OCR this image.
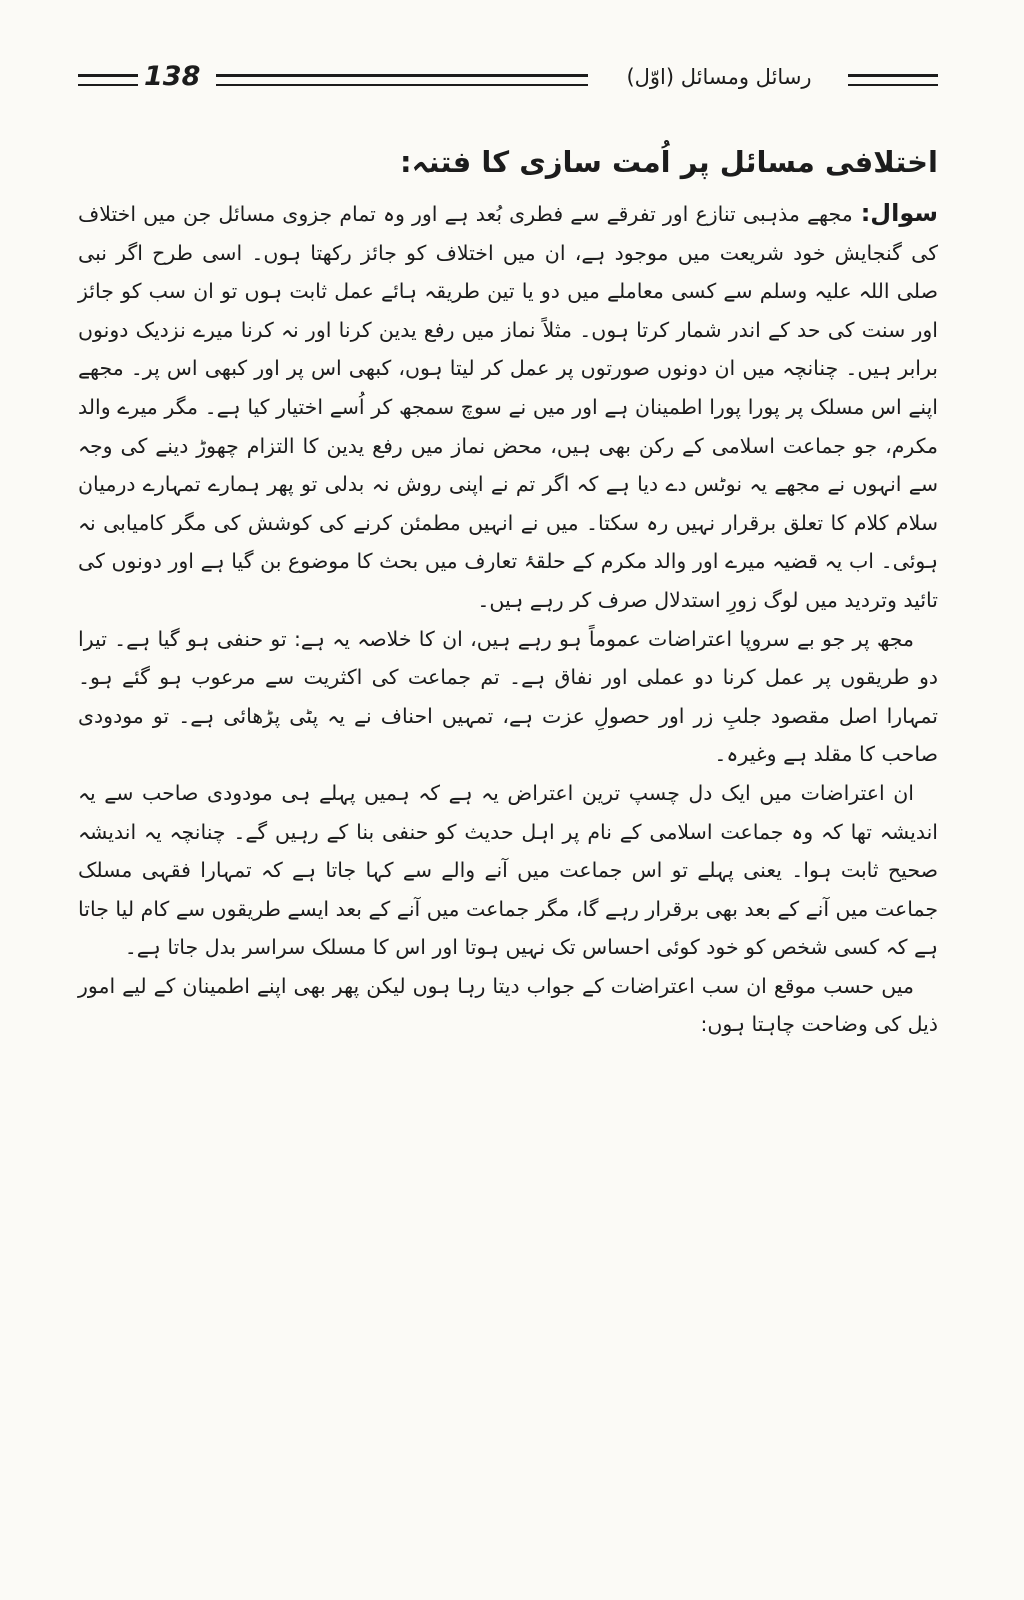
138	رسائل ومسائل (اوّل)
اختلافی مسائل پر اُمت سازی کا فتنہ:

سوال:مجھے مذہبی تنازع اور تفرقے سے فطری بُعد ہے اور وہ تمام جزوی مسائل جن میں اختلاف کی گنجایش خود شریعت میں موجود ہے، ان میں اختلاف کو جائز رکھتا ہوں۔ اسی طرح اگر نبی صلی اللہ علیہ وسلم سے کسی معاملے میں دو یا تین طریقہ ہائے عمل ثابت ہوں تو ان سب کو جائز اور سنت کی حد کے اندر شمار کرتا ہوں۔ مثلاً نماز میں رفع یدین کرنا اور نہ کرنا میرے نزدیک دونوں برابر ہیں۔ چنانچہ میں ان دونوں صورتوں پر عمل کر لیتا ہوں، کبھی اس پر اور کبھی اس پر۔ مجھے اپنے اس مسلک پر پورا پورا اطمینان ہے اور میں نے سوچ سمجھ کر اُسے اختیار کیا ہے۔ مگر میرے والد مکرم، جو جماعت اسلامی کے رکن بھی ہیں، محض نماز میں رفع یدین کا التزام چھوڑ دینے کی وجہ سے انہوں نے مجھے یہ نوٹس دے دیا ہے کہ اگر تم نے اپنی روش نہ بدلی تو پھر ہمارے تمہارے درمیان سلام کلام کا تعلق برقرار نہیں رہ سکتا۔ میں نے انہیں مطمئن کرنے کی کوشش کی مگر کامیابی نہ ہوئی۔ اب یہ قضیہ میرے اور والد مکرم کے حلقۂ تعارف میں بحث کا موضوع بن گیا ہے اور دونوں کی تائید وتردید میں لوگ زورِ استدلال صرف کر رہے ہیں۔

مجھ پر جو بے سروپا اعتراضات عموماً ہو رہے ہیں، ان کا خلاصہ یہ ہے: تو حنفی ہو گیا ہے۔ تیرا دو طریقوں پر عمل کرنا دو عملی اور نفاق ہے۔ تم جماعت کی اکثریت سے مرعوب ہو گئے ہو۔ تمہارا اصل مقصود جلبِ زر اور حصولِ عزت ہے، تمہیں احناف نے یہ پٹی پڑھائی ہے۔ تو مودودی صاحب کا مقلد ہے وغیرہ۔

ان اعتراضات میں ایک دل چسپ ترین اعتراض یہ ہے کہ ہمیں پہلے ہی مودودی صاحب سے یہ اندیشہ تھا کہ وہ جماعت اسلامی کے نام پر اہل حدیث کو حنفی بنا کے رہیں گے۔ چنانچہ یہ اندیشہ صحیح ثابت ہوا۔ یعنی پہلے تو اس جماعت میں آنے والے سے کہا جاتا ہے کہ تمہارا فقہی مسلک جماعت میں آنے کے بعد بھی برقرار رہے گا، مگر جماعت میں آنے کے بعد ایسے طریقوں سے کام لیا جاتا ہے کہ کسی شخص کو خود کوئی احساس تک نہیں ہوتا اور اس کا مسلک سراسر بدل جاتا ہے۔

میں حسب موقع ان سب اعتراضات کے جواب دیتا رہا ہوں لیکن پھر بھی اپنے اطمینان کے لیے امور ذیل کی وضاحت چاہتا ہوں:
